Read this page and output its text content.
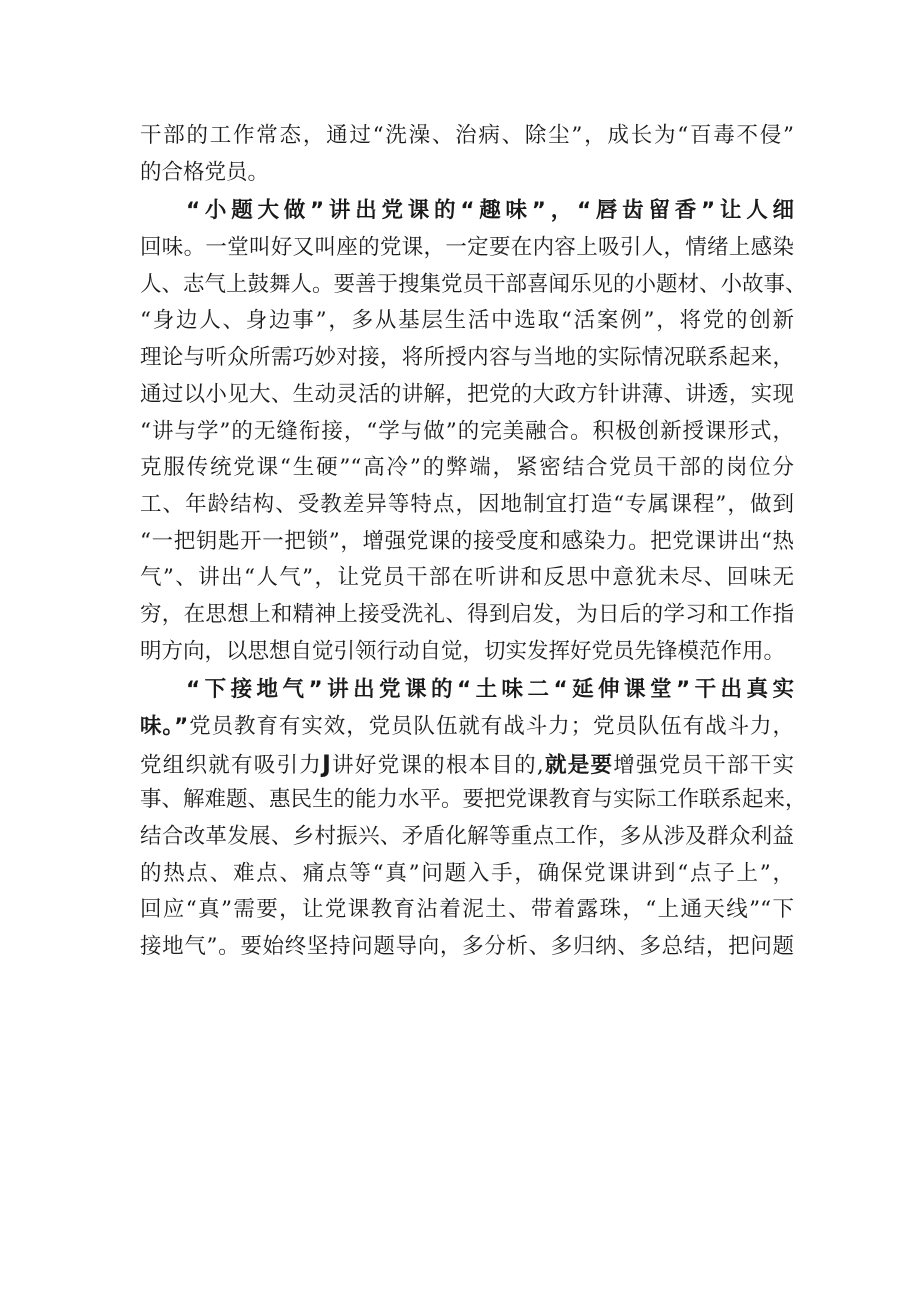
干部的工作常态，通过“洗澡、治病、除尘”，成长为“百毒不侵”
的合格党员。
“小题大做”讲出党课的“趣味”，“唇齿留香”让人细
回味。一堂叫好又叫座的党课，一定要在内容上吸引人，情绪上感染
人、志气上鼓舞人。要善于搜集党员干部喜闻乐见的小题材、小故事、
“身边人、身边事”，多从基层生活中选取“活案例”，将党的创新
理论与听众所需巧妙对接，将所授内容与当地的实际情况联系起来，
通过以小见大、生动灵活的讲解，把党的大政方针讲薄、讲透，实现
“讲与学”的无缝衔接，“学与做”的完美融合。积极创新授课形式，
克服传统党课“生硬”“高冷”的弊端，紧密结合党员干部的岗位分
工、年龄结构、受教差异等特点，因地制宜打造“专属课程”，做到
“一把钥匙开一把锁”，增强党课的接受度和感染力。把党课讲出“热
气”、讲出“人气”，让党员干部在听讲和反思中意犹未尽、回味无
穷，在思想上和精神上接受洗礼、得到启发，为日后的学习和工作指
明方向，以思想自觉引领行动自觉，切实发挥好党员先锋模范作用。
“下接地气”讲出党课的“土味二“延伸课堂”干出真实
味。”党员教育有实效，党员队伍就有战斗力；党员队伍有战斗力，
党组织就有吸引力J讲好党课的根本目的,就是要增强党员干部干实
事、解难题、惠民生的能力水平。要把党课教育与实际工作联系起来，
结合改革发展、乡村振兴、矛盾化解等重点工作，多从涉及群众利益
的热点、难点、痛点等“真”问题入手，确保党课讲到“点子上”，
回应“真”需要，让党课教育沾着泥土、带着露珠，“上通天线”“下
接地气”。要始终坚持问题导向，多分析、多归纳、多总结，把问题
